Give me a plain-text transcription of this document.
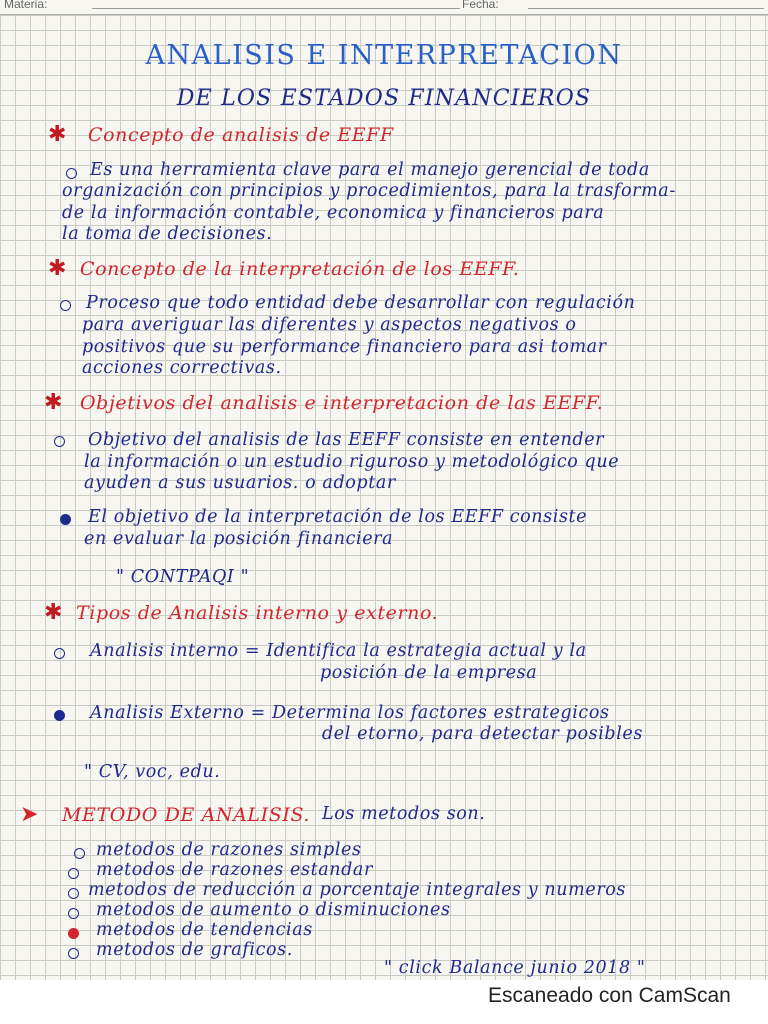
Materia:	Fecha:
ANALISIS E INTERPRETACION
DE LOS ESTADOS FINANCIEROS
✱ Concepto de analisis de EEFF
Es una herramienta clave para el manejo gerencial de toda
organización con principios y procedimientos, para la trasforma-
de la información contable, economica y financieros para
la toma de decisiones.
✱ Concepto de la interpretación de los EEFF.
Proceso que todo entidad debe desarrollar con regulación
para averiguar las diferentes y aspectos negativos o
positivos que su performance financiero para asi tomar
acciones correctivas.
✱ Objetivos del analisis e interpretacion de las EEFF.
Objetivo del analisis de las EEFF consiste en entender
la información o un estudio riguroso y metodológico que
ayuden a sus usuarios. o adoptar
El objetivo de la interpretación de los EEFF consiste
en evaluar la posición financiera
" CONTPAQI "
✱ Tipos de Analisis interno y externo.
Analisis interno = Identifica la estrategia actual y la
posición de la empresa
Analisis Externo = Determina los factores estrategicos
del etorno, para detectar posibles
" CV, voc, edu.
➤ METODO DE ANALISIS. Los metodos son.
metodos de razones simples
metodos de razones estandar
metodos de reducción a porcentaje integrales y numeros
metodos de aumento o disminuciones
metodos de tendencias
metodos de graficos.
" click Balance junio 2018 "
Escaneado con CamScan
